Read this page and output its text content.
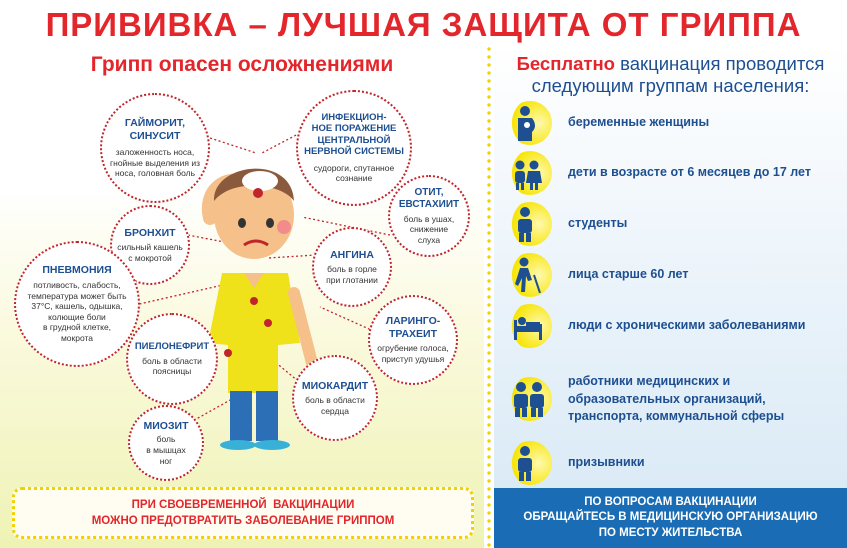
ПРИВИВКА – ЛУЧШАЯ ЗАЩИТА ОТ ГРИППА
Грипп опасен осложнениями
ГАЙМОРИТ,
СИНУСИТ
заложенность носа,
гнойные выделения из
носа, головная боль
ИНФЕКЦИОН-
НОЕ ПОРАЖЕНИЕ
ЦЕНТРАЛЬНОЙ
НЕРВНОЙ СИСТЕМЫ
судороги, спутанное
сознание
ОТИТ,
ЕВСТАХИИТ
боль в ушах,
снижение
слуха
БРОНХИТ
сильный кашель
с мокротой	АНГИНА
боль в горле
при глотании
ПНЕВМОНИЯ
потливость, слабость,
температура может быть
37°С, кашель, одышка,
колющие боли
в грудной клетке,
мокрота
ЛАРИНГО-
ТРАХЕИТ
огрубение голоса,
приступ удушья
ПИЕЛОНЕФРИТ
боль в области
поясницы
МИОКАРДИТ
боль в области
сердца
МИОЗИТ
боль
в мышцах
ног
ПРИ СВОЕВРЕМЕННОЙ  ВАКЦИНАЦИИ
МОЖНО ПРЕДОТВРАТИТЬ ЗАБОЛЕВАНИЕ ГРИППОМ
Бесплатно вакцинация проводится
следующим группам населения:
беременные женщины
дети в возрасте от 6 месяцев до 17 лет
студенты
лица старше 60 лет
люди с хроническими заболеваниями
работники медицинских и
образовательных организаций,
транспорта, коммунальной сферы
призывники
ПО ВОПРОСАМ ВАКЦИНАЦИИ
ОБРАЩАЙТЕСЬ В МЕДИЦИНСКУЮ ОРГАНИЗАЦИЮ
ПО МЕСТУ ЖИТЕЛЬСТВА
